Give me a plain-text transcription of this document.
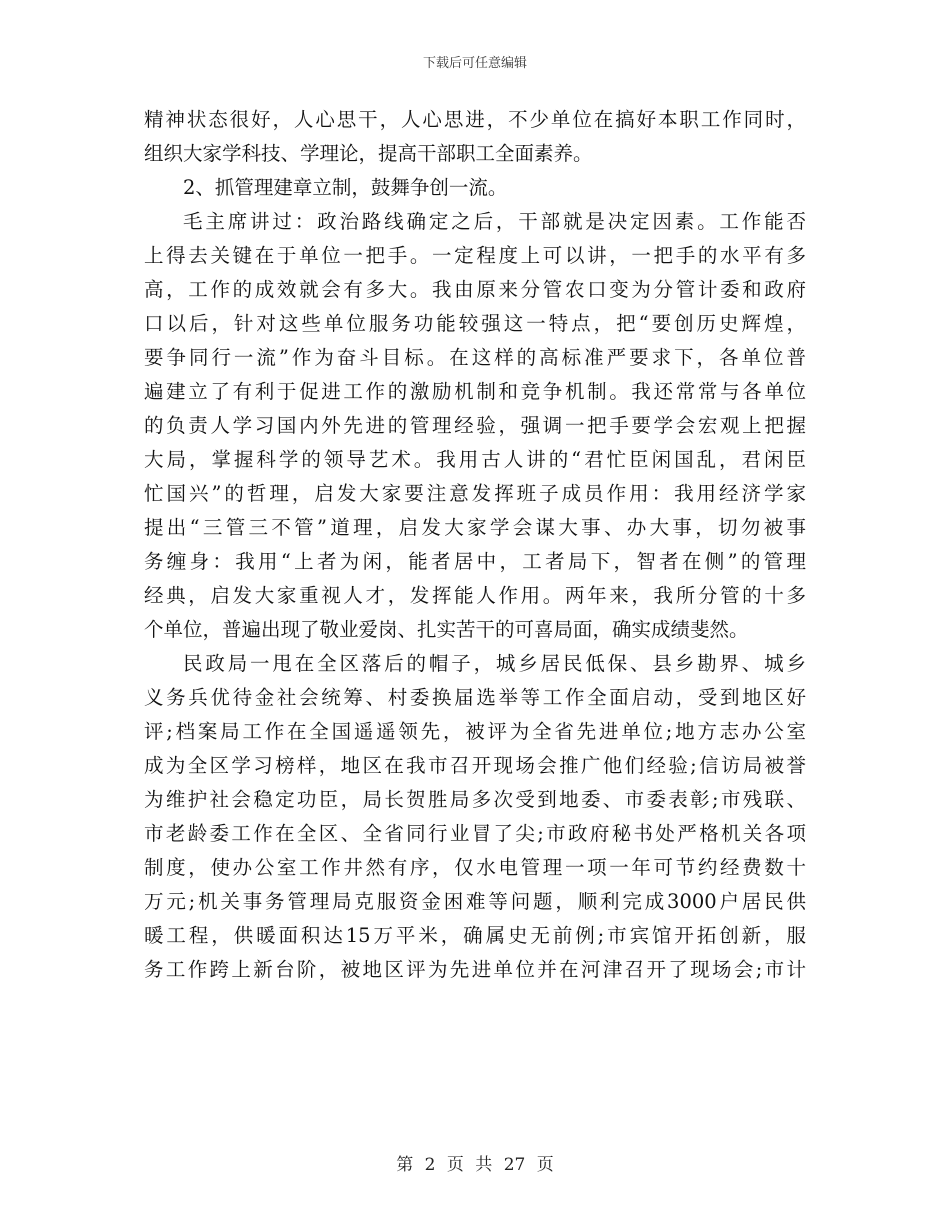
下载后可任意编辑
精神状态很好，人心思干，人心思进，不少单位在搞好本职工作同时，
组织大家学科技、学理论，提高干部职工全面素养。
2、抓管理建章立制，鼓舞争创一流。
毛主席讲过：政治路线确定之后，干部就是决定因素。工作能否
上得去关键在于单位一把手。一定程度上可以讲，一把手的水平有多
高，工作的成效就会有多大。我由原来分管农口变为分管计委和政府
口以后，针对这些单位服务功能较强这一特点，把“要创历史辉煌，
要争同行一流”作为奋斗目标。在这样的高标准严要求下，各单位普
遍建立了有利于促进工作的激励机制和竞争机制。我还常常与各单位
的负责人学习国内外先进的管理经验，强调一把手要学会宏观上把握
大局，掌握科学的领导艺术。我用古人讲的“君忙臣闲国乱，君闲臣
忙国兴”的哲理，启发大家要注意发挥班子成员作用：我用经济学家
提出“三管三不管”道理，启发大家学会谋大事、办大事，切勿被事
务缠身：我用“上者为闲，能者居中，工者局下，智者在侧”的管理
经典，启发大家重视人才，发挥能人作用。两年来，我所分管的十多
个单位，普遍出现了敬业爱岗、扎实苦干的可喜局面，确实成绩斐然。
民政局一甩在全区落后的帽子，城乡居民低保、县乡勘界、城乡
义务兵优待金社会统筹、村委换届选举等工作全面启动，受到地区好
评;档案局工作在全国遥遥领先，被评为全省先进单位;地方志办公室
成为全区学习榜样，地区在我市召开现场会推广他们经验;信访局被誉
为维护社会稳定功臣，局长贺胜局多次受到地委、市委表彰;市残联、
市老龄委工作在全区、全省同行业冒了尖;市政府秘书处严格机关各项
制度，使办公室工作井然有序，仅水电管理一项一年可节约经费数十
万元;机关事务管理局克服资金困难等问题，顺利完成3000户居民供
暖工程，供暖面积达15万平米，确属史无前例;市宾馆开拓创新，服
务工作跨上新台阶，被地区评为先进单位并在河津召开了现场会;市计
第 2 页 共 27 页
